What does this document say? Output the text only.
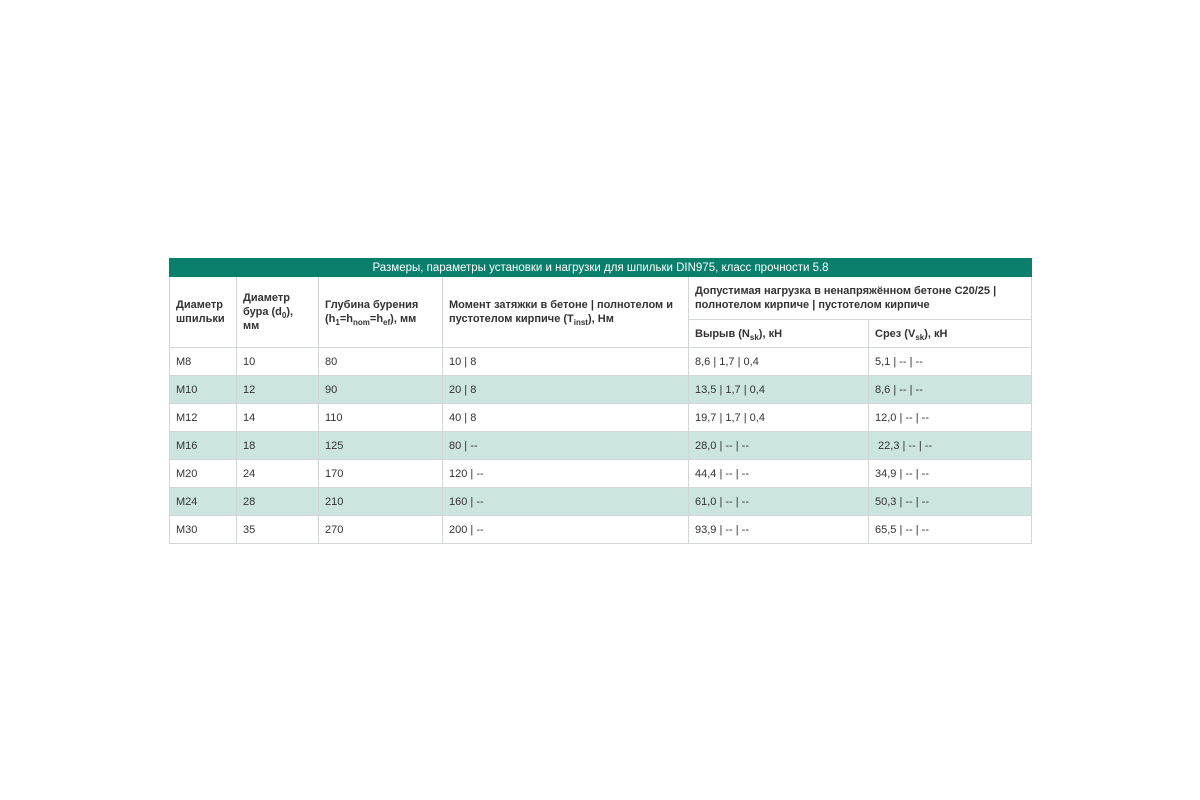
Размеры, параметры установки и нагрузки для шпильки DIN975, класс прочности 5.8					
Диаметр шпильки	Диаметр бура $(d_0)$, мм	Глубина бурения
$(h_1=h_{nom}=h_{ef})$, мм	Момент затяжки в бетоне | полнотелом и пустотелом кирпиче $(T_{inst})$, Нм	Допустимая нагрузка в ненапряжённом бетоне C20/25 | полнотелом кирпиче | пустотелом кирпиче	
				Вырыв $(N_{sk})$, кН	Срез $(V_{sk})$, кН
M8	10	80	10 | 8	8,6 | 1,7 | 0,4	5,1 | -- | --
M10	12	90	20 | 8	13,5 | 1,7 | 0,4	8,6 | -- | --
M12	14	110	40 | 8	19,7 | 1,7 | 0,4	12,0 | -- | --
M16	18	125	80 | --	28,0 | -- | --	22,3 | -- | --
M20	24	170	120 | --	44,4 | -- | --	34,9 | -- | --
M24	28	210	160 | --	61,0 | -- | --	50,3 | -- | --
M30	35	270	200 | --	93,9 | -- | --	65,5 | -- | --
